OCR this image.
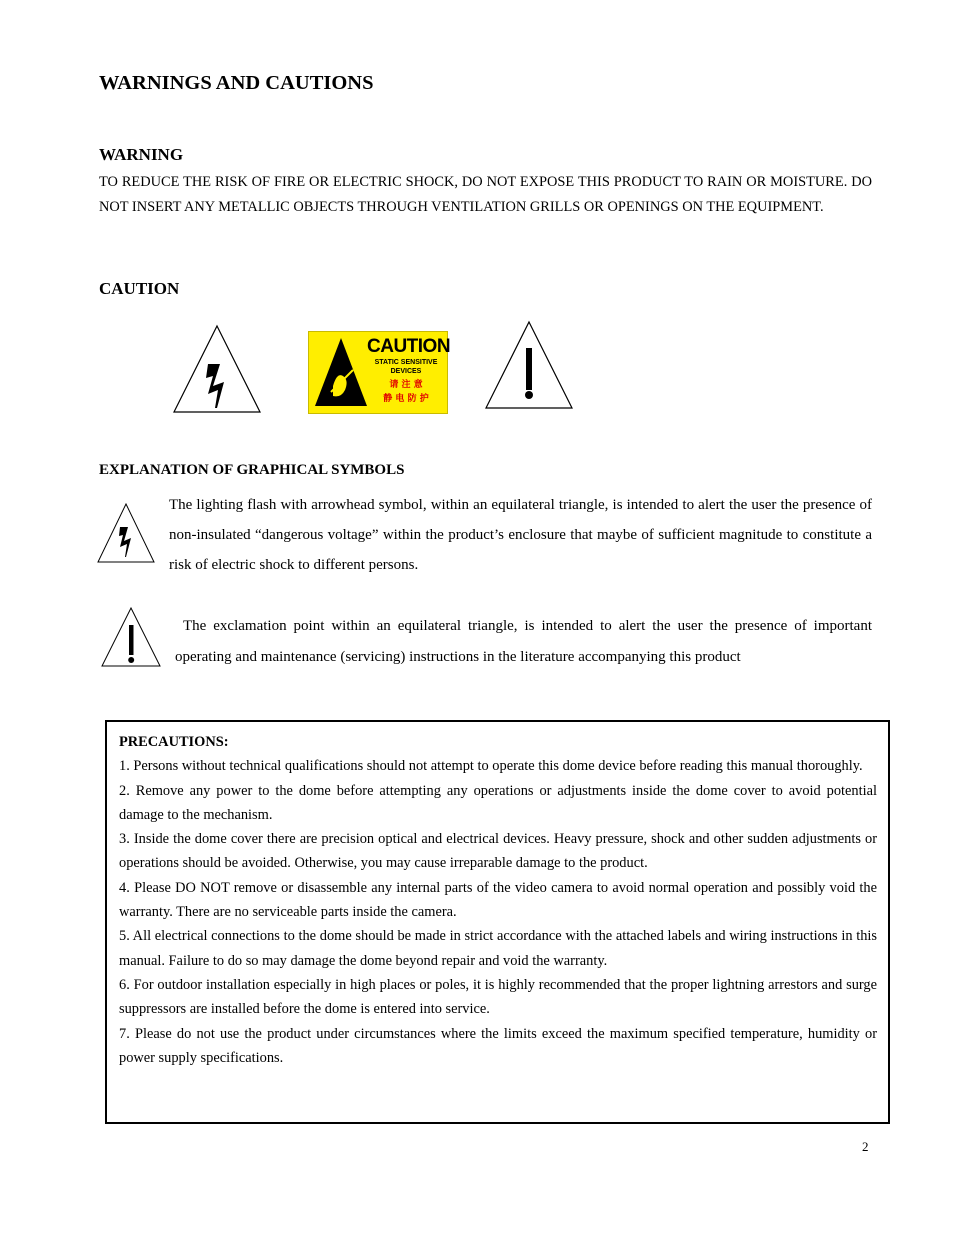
WARNINGS AND CAUTIONS
WARNING
TO REDUCE THE RISK OF FIRE OR ELECTRIC SHOCK, DO NOT EXPOSE THIS PRODUCT TO RAIN OR MOISTURE. DO NOT INSERT ANY METALLIC OBJECTS THROUGH VENTILATION GRILLS OR OPENINGS ON THE EQUIPMENT.
CAUTION
CAUTION
STATIC SENSITIVE
DEVICES
请 注 意
静 电 防 护
EXPLANATION OF GRAPHICAL SYMBOLS
The lighting flash with arrowhead symbol, within an equilateral triangle, is intended to alert the user the presence of non-insulated “dangerous voltage” within the product’s enclosure that maybe of sufficient magnitude to constitute a risk of electric shock to different persons.
The exclamation point within an equilateral triangle, is intended to alert the user the presence of important operating and maintenance (servicing) instructions in the literature accompanying this product
PRECAUTIONS:
1. Persons without technical qualifications should not attempt to operate this dome device before reading this manual thoroughly.
2. Remove any power to the dome before attempting any operations or adjustments inside the dome cover to avoid potential damage to the mechanism.
3. Inside the dome cover there are precision optical and electrical devices. Heavy pressure, shock and other sudden adjustments or operations should be avoided. Otherwise, you may cause irreparable damage to the product.
4. Please DO NOT remove or disassemble any internal parts of the video camera to avoid normal operation and possibly void the warranty. There are no serviceable parts inside the camera.
5. All electrical connections to the dome should be made in strict accordance with the attached labels and wiring instructions in this manual. Failure to do so may damage the dome beyond repair and void the warranty.
6. For outdoor installation especially in high places or poles, it is highly recommended that the proper lightning arrestors and surge suppressors are installed before the dome is entered into service.
7. Please do not use the product under circumstances where the limits exceed the maximum specified temperature, humidity or power supply specifications.
2
